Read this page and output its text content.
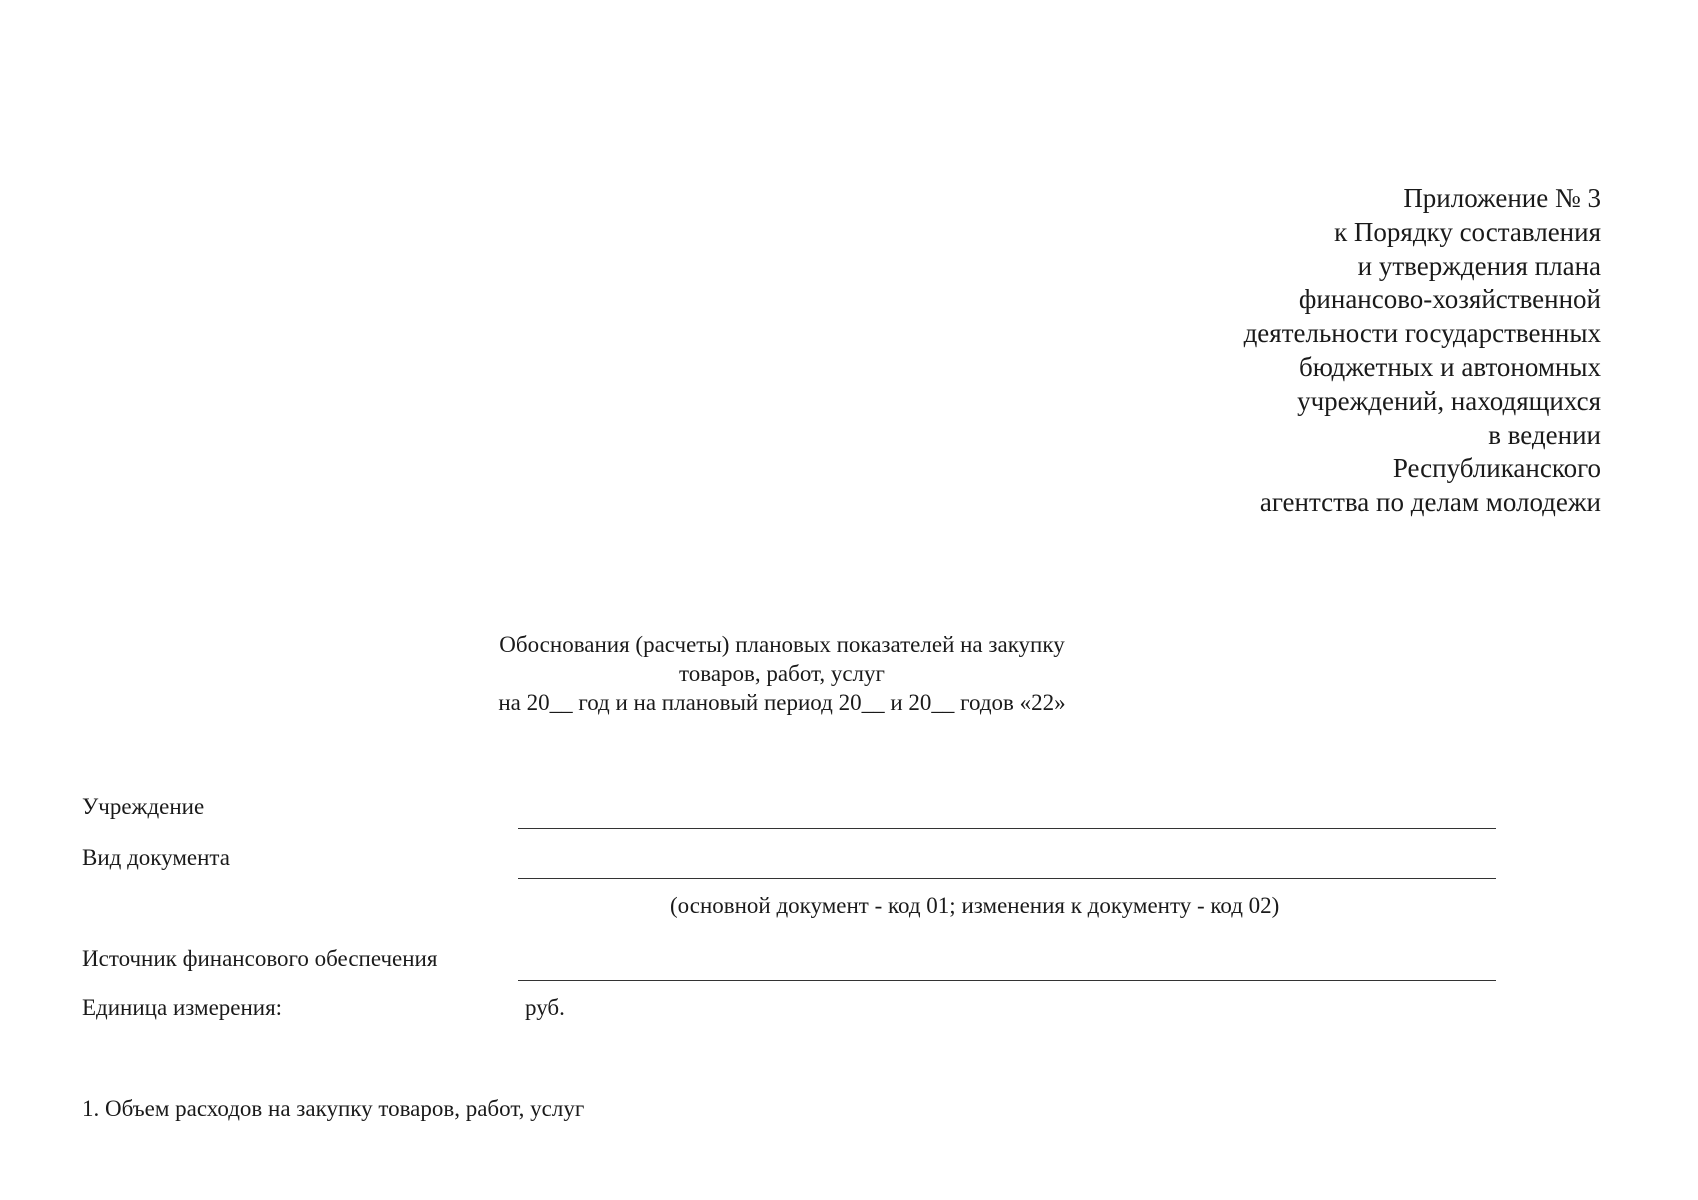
Приложение № 3
к Порядку составления
и утверждения плана
финансово-хозяйственной
деятельности государственных
бюджетных и автономных
учреждений, находящихся
в ведении
Республиканского
агентства по делам молодежи
Обоснования (расчеты) плановых показателей на закупку
товаров, работ, услуг
на 20__ год и на плановый период 20__ и 20__ годов «22»
Учреждение
Вид документа
(основной документ - код 01; изменения к документу - код 02)
Источник финансового обеспечения
Единица измерения:	руб.
1. Объем расходов на закупку товаров, работ, услуг
